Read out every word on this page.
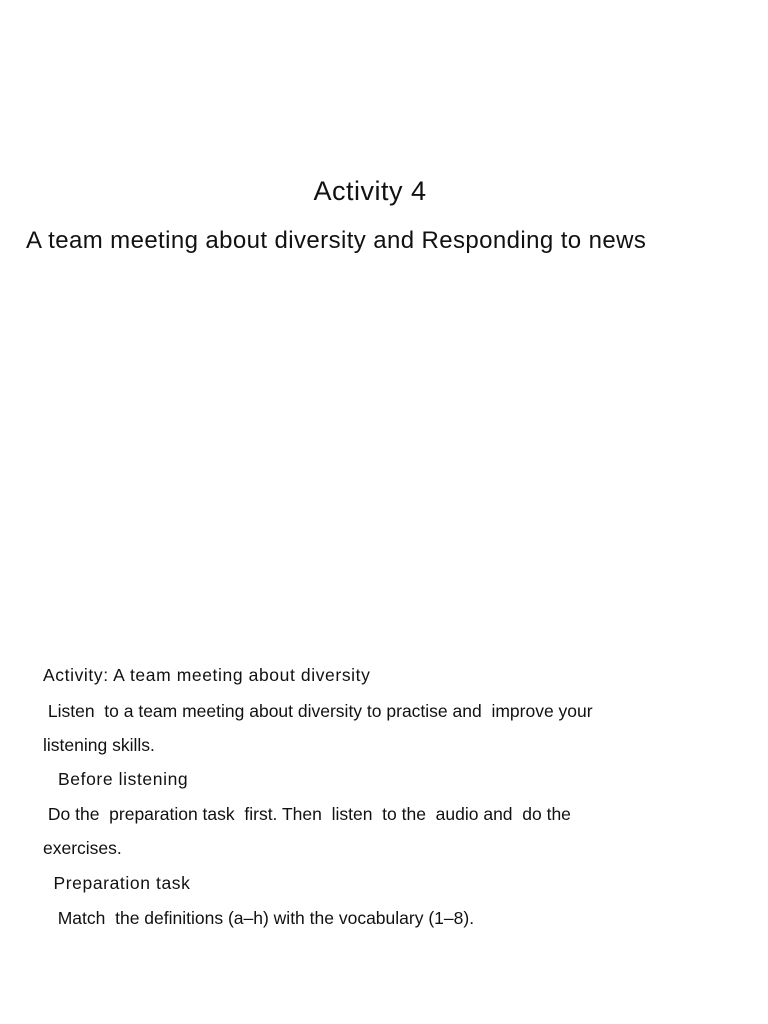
Activity 4
A team meeting about diversity and Responding to news
Activity: A team meeting about diversity
Listen  to a team meeting about diversity to practise and  improve your
listening skills.
Before listening
Do the  preparation task  first. Then  listen  to the  audio and  do the
exercises.
Preparation task
Match  the definitions (a–h) with the vocabulary (1–8).
